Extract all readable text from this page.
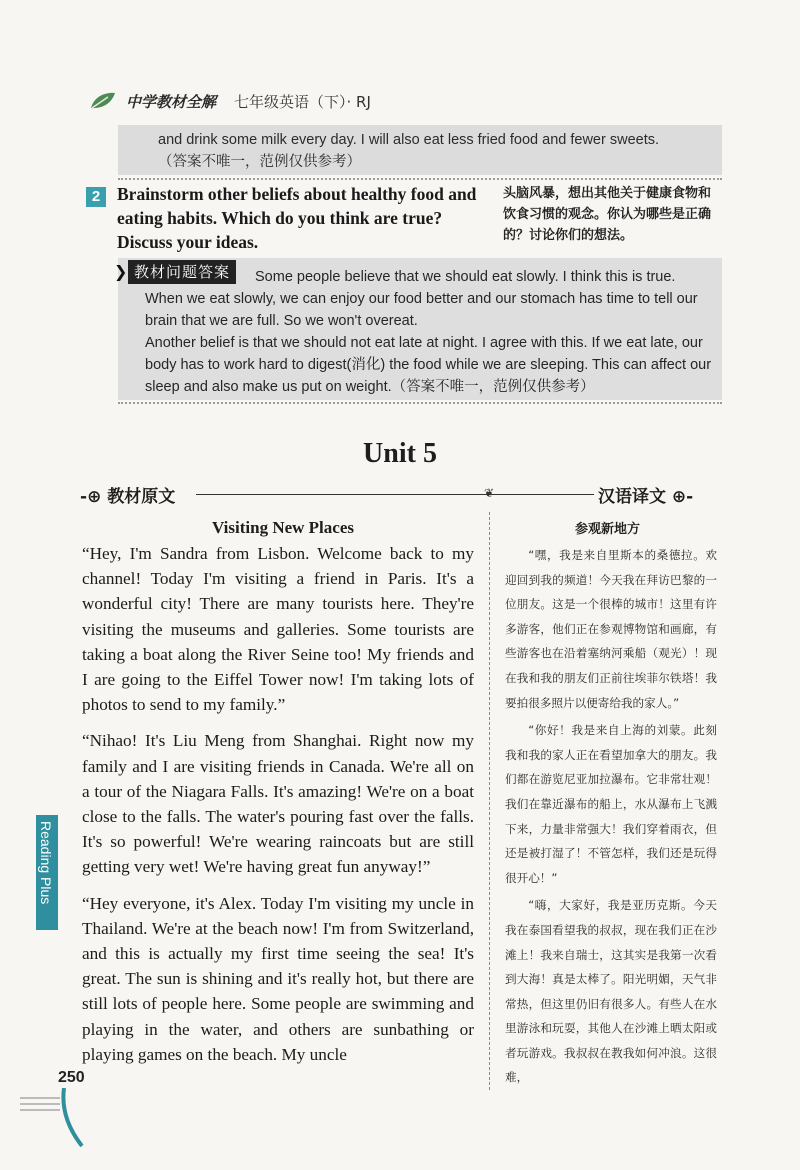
中学教材全解 七年级英语（下）· RJ

and drink some milk every day. I will also eat less fried food and fewer sweets.

（答案不唯一，范例仅供参考）

2 Brainstorm other beliefs about healthy food and eating habits. Which do you think are true? Discuss your ideas.
头脑风暴，想出其他关于健康食物和饮食习惯的观念。你认为哪些是正确的？讨论你们的想法。
❯ 教材问题答案	Some people believe that we should eat slowly. I think this is true. When we eat slowly, we can enjoy our food better and our stomach has time to tell our brain that we are full. So we won't overeat.

Another belief is that we should not eat late at night. I agree with this. If we eat late, our body has to work hard to digest(消化) the food while we are sleeping. This can affect our sleep and also make us put on weight.（答案不唯一，范例仅供参考）

Unit 5
-⊕ 教材原文	❦	汉语译文 ⊕-
Visiting New Places

“Hey, I'm Sandra from Lisbon. Welcome back to my channel! Today I'm visiting a friend in Paris. It's a wonderful city! There are many tourists here. They're visiting the museums and galleries. Some tourists are taking a boat along the River Seine too! My friends and I are going to the Eiffel Tower now! I'm taking lots of photos to send to my family.”

“Nihao! It's Liu Meng from Shanghai. Right now my family and I are visiting friends in Canada. We're all on a tour of the Niagara Falls. It's amazing! We're on a boat close to the falls. The water's pouring fast over the falls. It's so powerful! We're wearing raincoats but are still getting very wet! We're having great fun anyway!”

“Hey everyone, it's Alex. Today I'm visiting my uncle in Thailand. We're at the beach now! I'm from Switzerland, and this is actually my first time seeing the sea! It's great. The sun is shining and it's really hot, but there are still lots of people here. Some people are swimming and playing in the water, and others are sunbathing or playing games on the beach. My uncle

参观新地方

“嘿，我是来自里斯本的桑德拉。欢迎回到我的频道！今天我在拜访巴黎的一位朋友。这是一个很棒的城市！这里有许多游客，他们正在参观博物馆和画廊，有些游客也在沿着塞纳河乘船（观光）！现在我和我的朋友们正前往埃菲尔铁塔！我要拍很多照片以便寄给我的家人。”

“你好！我是来自上海的刘蒙。此刻我和我的家人正在看望加拿大的朋友。我们都在游览尼亚加拉瀑布。它非常壮观！我们在靠近瀑布的船上，水从瀑布上飞溅下来，力量非常强大！我们穿着雨衣，但还是被打湿了！不管怎样，我们还是玩得很开心！”

“嗨，大家好，我是亚历克斯。今天我在泰国看望我的叔叔，现在我们正在沙滩上！我来自瑞士，这其实是我第一次看到大海！真是太棒了。阳光明媚，天气非常热，但这里仍旧有很多人。有些人在水里游泳和玩耍，其他人在沙滩上晒太阳或者玩游戏。我叔叔在教我如何冲浪。这很难，

Reading Plus
250
